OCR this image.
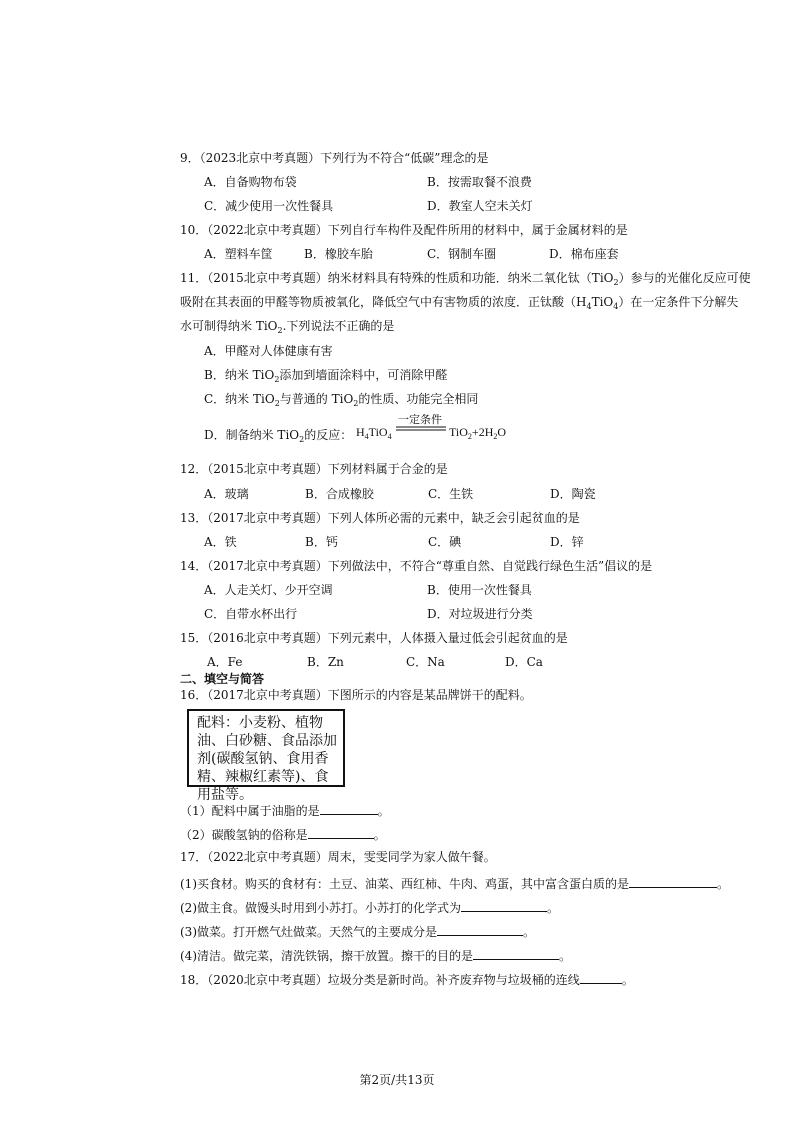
9．（2023北京中考真题）下列行为不符合“低碳”理念的是
A．自备购物布袋	B．按需取餐不浪费
C．减少使用一次性餐具	D．教室人空未关灯
10．（2022北京中考真题）下列自行车构件及配件所用的材料中，属于金属材料的是
A．塑料车筐	B．橡胶车胎	C．钢制车圈	D．棉布座套
11．（2015北京中考真题）纳米材料具有特殊的性质和功能．纳米二氧化钛（TiO$_2$）参与的光催化反应可使
吸附在其表面的甲醛等物质被氧化，降低空气中有害物质的浓度．正钛酸$(H_4TiO_4)$在一定条件下分解失
水可制得纳米 TiO$_2$.下列说法不正确的是
A．甲醛对人体健康有害
B．纳米 TiO$_2$添加到墙面涂料中，可消除甲醛
C．纳米 TiO$_2$与普通的 TiO$_2$的性质、功能完全相同
D．制备纳米 TiO$_2$的反应： $H_4TiO_4$
一定条件
$TiO_2+2H_2O$
12．（2015北京中考真题）下列材料属于合金的是
A．玻璃	B．合成橡胶	C．生铁	D．陶瓷
13．（2017北京中考真题）下列人体所必需的元素中，缺乏会引起贫血的是
A．铁	B．钙	C．碘	D．锌
14．（2017北京中考真题）下列做法中，不符合“尊重自然、自觉践行绿色生活”倡议的是
A．人走关灯、少开空调	B．使用一次性餐具
C．自带水杯出行	D．对垃圾进行分类
15．（2016北京中考真题）下列元素中，人体摄入量过低会引起贫血的是
A．Fe	B．Zn	C．Na	D．Ca
二、填空与简答
16．（2017北京中考真题）下图所示的内容是某品牌饼干的配料。
配料：小麦粉、植物油、白砂糖、食品添加剂(碳酸氢钠、食用香精、辣椒红素等)、食用盐等。
（1）配料中属于油脂的是	。
（2）碳酸氢钠的俗称是	。
17．（2022北京中考真题）周末，雯雯同学为家人做午餐。
(1)买食材。购买的食材有：土豆、油菜、西红柿、牛肉、鸡蛋，其中富含蛋白质的是	。
(2)做主食。做馒头时用到小苏打。小苏打的化学式为	。
(3)做菜。打开燃气灶做菜。天然气的主要成分是	。
(4)清洁。做完菜，清洗铁锅，擦干放置。擦干的目的是	。
18．（2020北京中考真题）垃圾分类是新时尚。补齐废弃物与垃圾桶的连线	。
第2页/共13页
